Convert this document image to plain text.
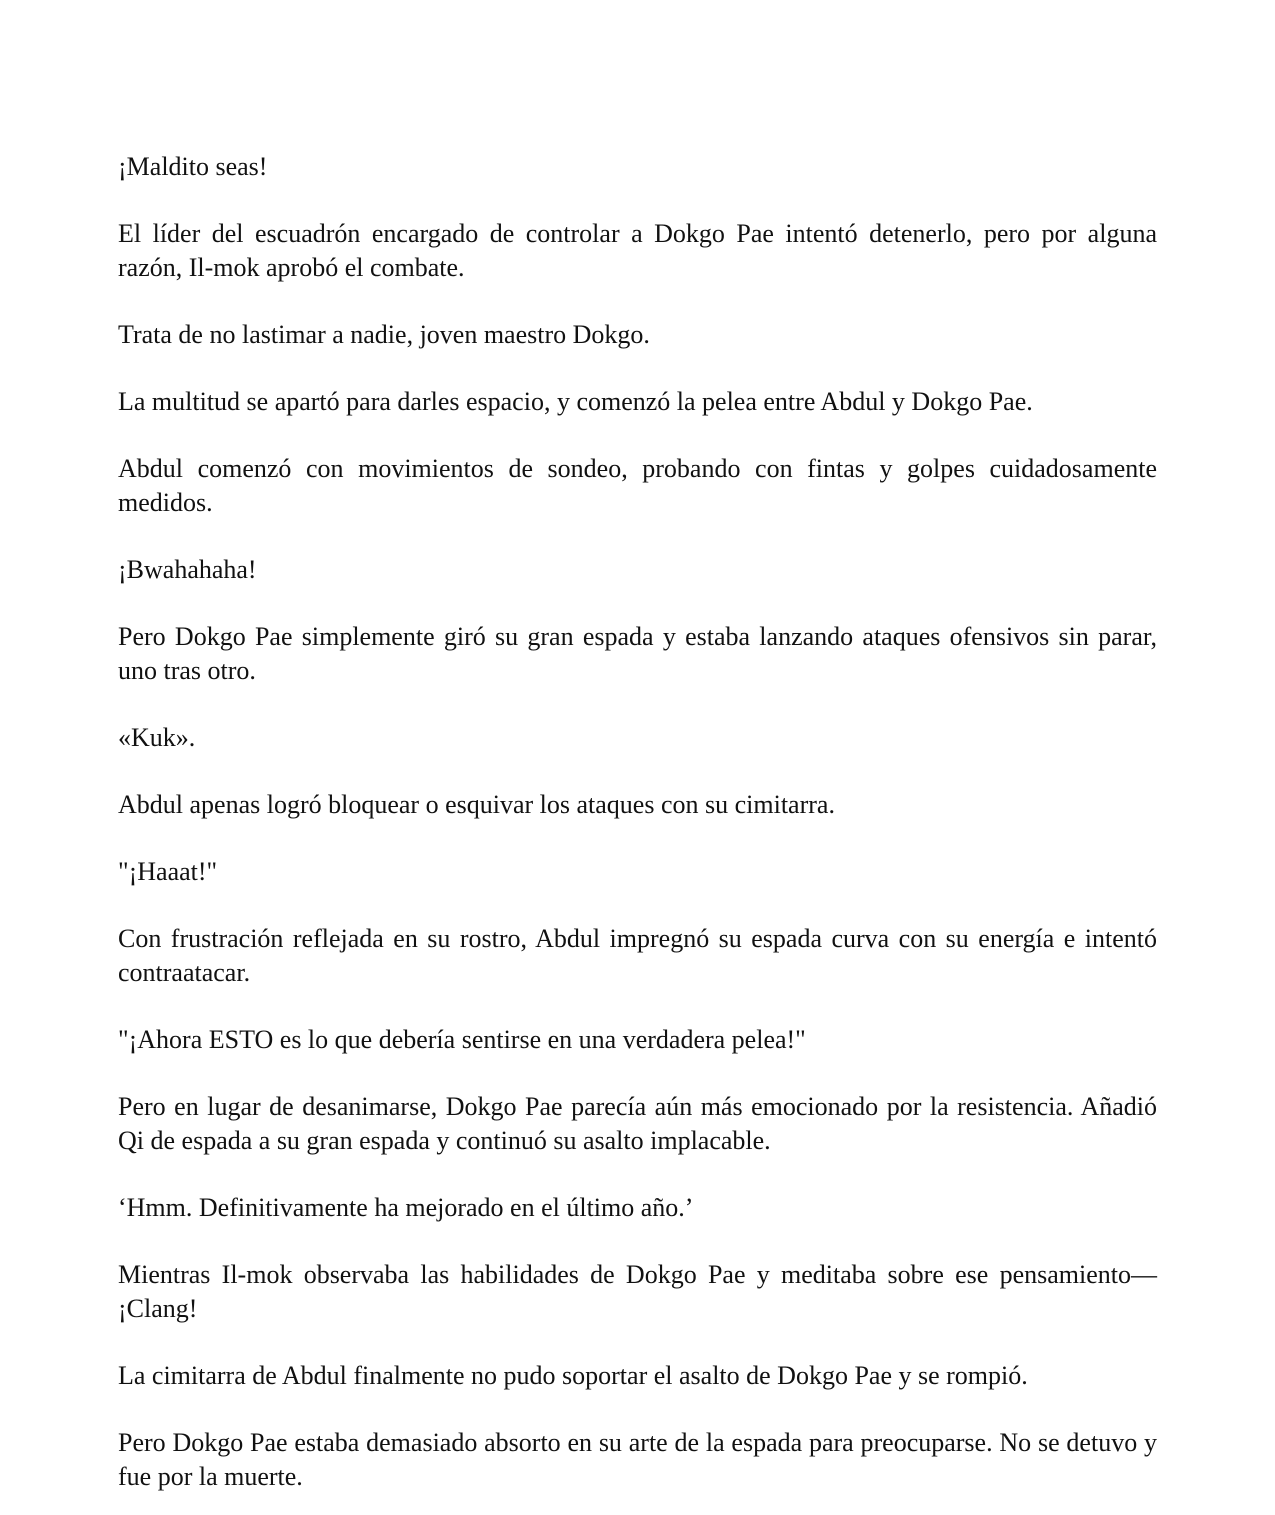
¡Maldito seas!

El líder del escuadrón encargado de controlar a Dokgo Pae intentó detenerlo, pero por alguna razón, Il-mok aprobó el combate.

Trata de no lastimar a nadie, joven maestro Dokgo.

La multitud se apartó para darles espacio, y comenzó la pelea entre Abdul y Dokgo Pae.

Abdul comenzó con movimientos de sondeo, probando con fintas y golpes cuidadosamente medidos.

¡Bwahahaha!

Pero Dokgo Pae simplemente giró su gran espada y estaba lanzando ataques ofensivos sin parar, uno tras otro.

«Kuk».

Abdul apenas logró bloquear o esquivar los ataques con su cimitarra.

"¡Haaat!"

Con frustración reflejada en su rostro, Abdul impregnó su espada curva con su energía e intentó contraatacar.

"¡Ahora ESTO es lo que debería sentirse en una verdadera pelea!"

Pero en lugar de desanimarse, Dokgo Pae parecía aún más emocionado por la resistencia. Añadió Qi de espada a su gran espada y continuó su asalto implacable.

‘Hmm. Definitivamente ha mejorado en el último año.’

Mientras Il-mok observaba las habilidades de Dokgo Pae y meditaba sobre ese pensamiento— ¡Clang!

La cimitarra de Abdul finalmente no pudo soportar el asalto de Dokgo Pae y se rompió.

Pero Dokgo Pae estaba demasiado absorto en su arte de la espada para preocuparse. No se detuvo y fue por la muerte.
